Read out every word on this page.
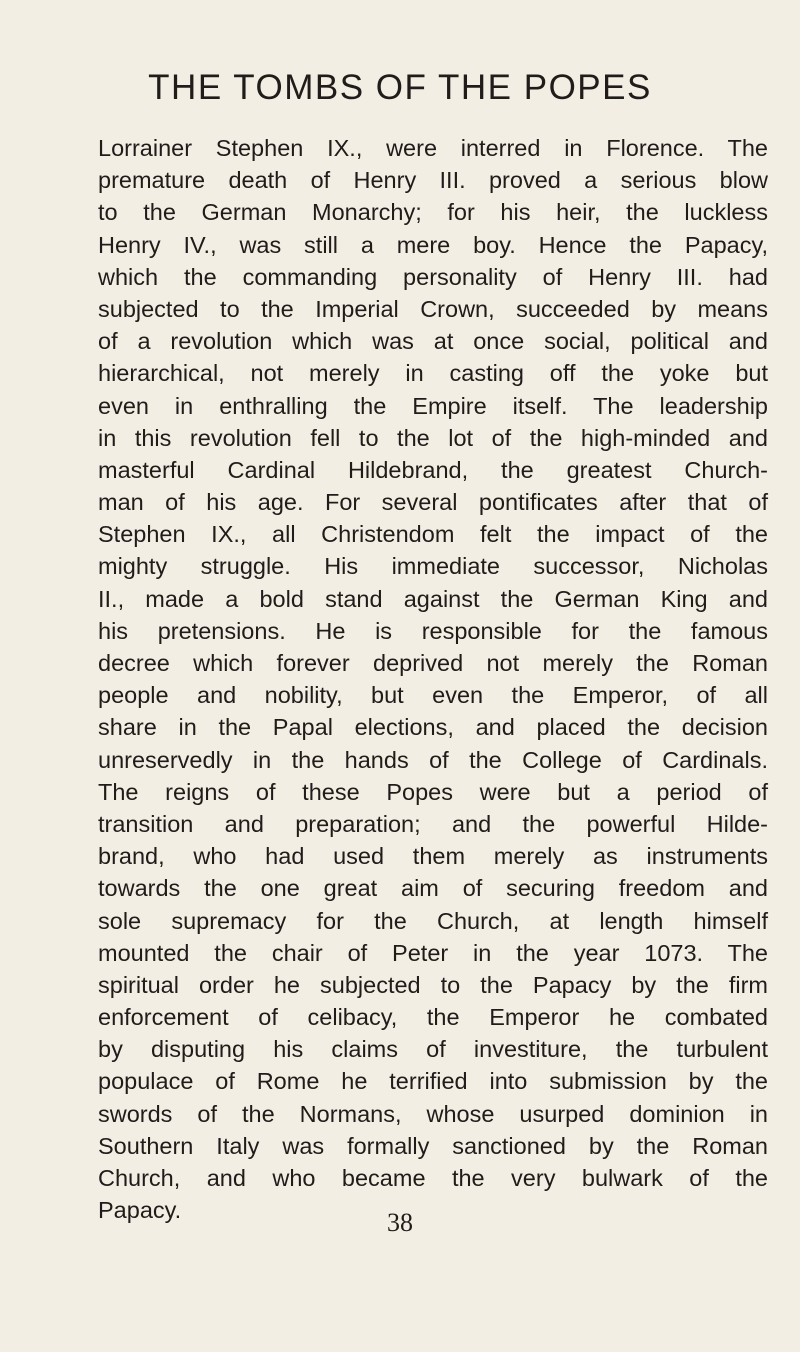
THE TOMBS OF THE POPES
Lorrainer Stephen IX., were interred in Florence. The
premature death of Henry III. proved a serious blow
to the German Monarchy; for his heir, the luckless
Henry IV., was still a mere boy. Hence the Papacy,
which the commanding personality of Henry III. had
subjected to the Imperial Crown, succeeded by means
of a revolution which was at once social, political and
hierarchical, not merely in casting off the yoke but
even in enthralling the Empire itself. The leadership
in this revolution fell to the lot of the high-minded and
masterful Cardinal Hildebrand, the greatest Church-
man of his age. For several pontificates after that of
Stephen IX., all Christendom felt the impact of the
mighty struggle. His immediate successor, Nicholas
II., made a bold stand against the German King and
his pretensions. He is responsible for the famous
decree which forever deprived not merely the Roman
people and nobility, but even the Emperor, of all
share in the Papal elections, and placed the decision
unreservedly in the hands of the College of Cardinals.
The reigns of these Popes were but a period of
transition and preparation; and the powerful Hilde-
brand, who had used them merely as instruments
towards the one great aim of securing freedom and
sole supremacy for the Church, at length himself
mounted the chair of Peter in the year 1073. The
spiritual order he subjected to the Papacy by the firm
enforcement of celibacy, the Emperor he combated
by disputing his claims of investiture, the turbulent
populace of Rome he terrified into submission by the
swords of the Normans, whose usurped dominion in
Southern Italy was formally sanctioned by the Roman
Church, and who became the very bulwark of the
Papacy.	38
